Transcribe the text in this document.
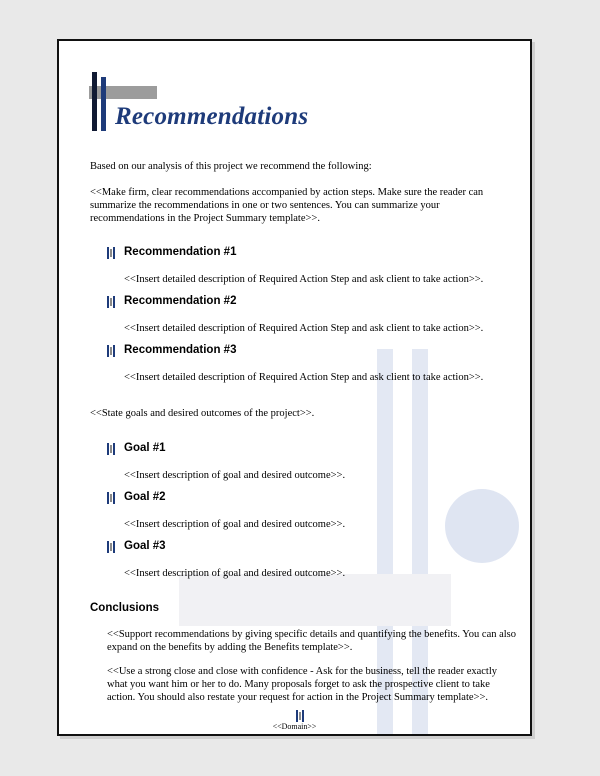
Recommendations
Based on our analysis of this project we recommend the following:
<<Make firm, clear recommendations accompanied by action steps. Make sure the reader can summarize the recommendations in one or two sentences. You can summarize your recommendations in the Project Summary template>>.
Recommendation #1
<<Insert detailed description of Required Action Step and ask client to take action>>.
Recommendation #2
<<Insert detailed description of Required Action Step and ask client to take action>>.
Recommendation #3
<<Insert detailed description of Required Action Step and ask client to take action>>.
<<State goals and desired outcomes of the project>>.
Goal #1
<<Insert description of goal and desired outcome>>.
Goal #2
<<Insert description of goal and desired outcome>>.
Goal #3
<<Insert description of goal and desired outcome>>.
Conclusions
<<Support recommendations by giving specific details and quantifying the benefits. You can also expand on the benefits by adding the Benefits template>>.
<<Use a strong close and close with confidence - Ask for the business, tell the reader exactly what you want him or her to do. Many proposals forget to ask the prospective client to take action. You should also restate your request for action in the Project Summary template>>.
<<Domain>>
